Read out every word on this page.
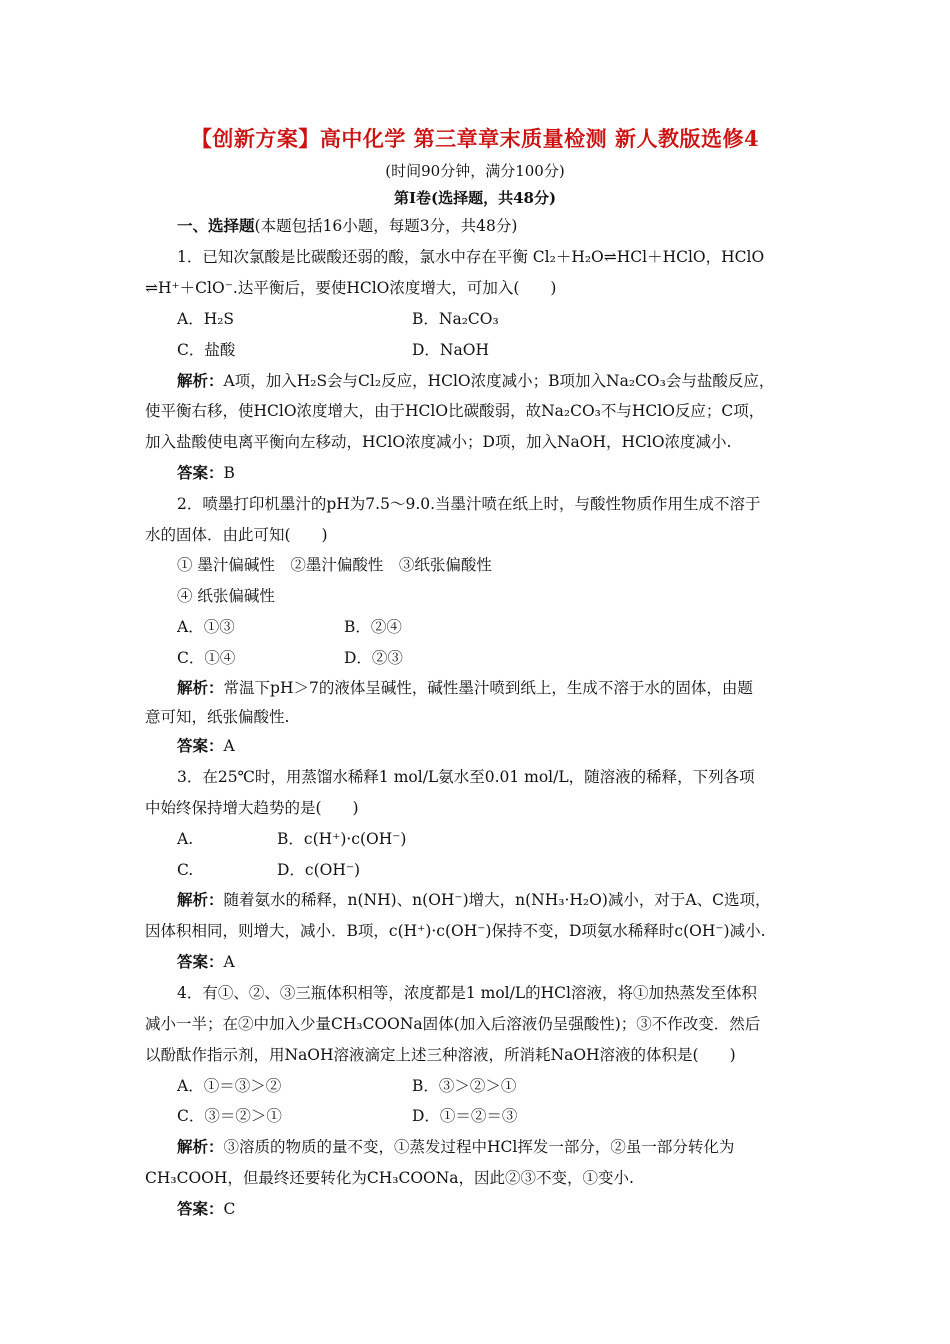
【创新方案】高中化学 第三章章末质量检测 新人教版选修4
(时间90分钟，满分100分)
第Ⅰ卷(选择题，共48分)
一、选择题(本题包括16小题，每题3分，共48分)
1．已知次氯酸是比碳酸还弱的酸，氯水中存在平衡 Cl₂＋H₂O⇌HCl＋HClO，HClO
⇌H⁺＋ClO⁻.达平衡后，要使HClO浓度增大，可加入(　　)
A．H₂S	B．Na₂CO₃
C．盐酸	D．NaOH
解析：A项，加入H₂S会与Cl₂反应，HClO浓度减小；B项加入Na₂CO₃会与盐酸反应，
使平衡右移，使HClO浓度增大，由于HClO比碳酸弱，故Na₂CO₃不与HClO反应；C项，
加入盐酸使电离平衡向左移动，HClO浓度减小；D项，加入NaOH，HClO浓度减小.
答案：B
2．喷墨打印机墨汁的pH为7.5～9.0.当墨汁喷在纸上时，与酸性物质作用生成不溶于
水的固体．由此可知(　　)
① 墨汁偏碱性　②墨汁偏酸性　③纸张偏酸性
④ 纸张偏碱性
A．①③	B．②④
C．①④	D．②③
解析：常温下pH＞7的液体呈碱性，碱性墨汁喷到纸上，生成不溶于水的固体，由题
意可知，纸张偏酸性.
答案：A
3．在25℃时，用蒸馏水稀释1 mol/L氨水至0.01 mol/L，随溶液的稀释，下列各项
中始终保持增大趋势的是(　　)
A.	B．c(H⁺)·c(OH⁻)
C.	D．c(OH⁻)
解析：随着氨水的稀释，n(NH)、n(OH⁻)增大，n(NH₃·H₂O)减小，对于A、C选项，
因体积相同，则增大，减小．B项，c(H⁺)·c(OH⁻)保持不变，D项氨水稀释时c(OH⁻)减小.
答案：A
4．有①、②、③三瓶体积相等，浓度都是1 mol/L的HCl溶液，将①加热蒸发至体积
减小一半；在②中加入少量CH₃COONa固体(加入后溶液仍呈强酸性)；③不作改变．然后
以酚酞作指示剂，用NaOH溶液滴定上述三种溶液，所消耗NaOH溶液的体积是(　　)
A．①＝③＞②	B．③＞②＞①
C．③＝②＞①	D．①＝②＝③
解析：③溶质的物质的量不变，①蒸发过程中HCl挥发一部分，②虽一部分转化为
CH₃COOH，但最终还要转化为CH₃COONa，因此②③不变，①变小.
答案：C
